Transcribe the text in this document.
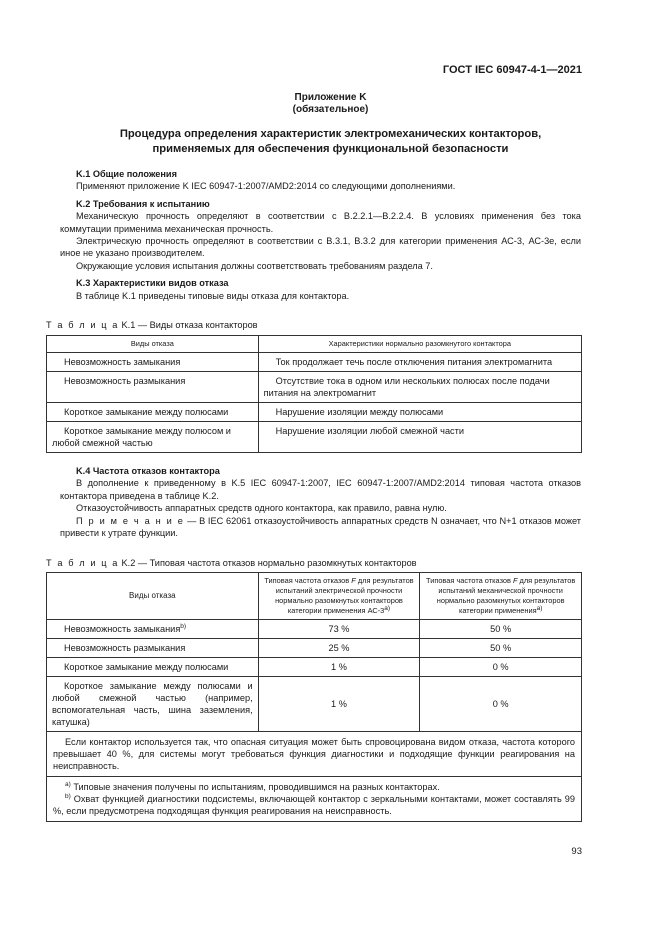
ГОСТ IEC 60947-4-1—2021
Приложение K
(обязательное)
Процедура определения характеристик электромеханических контакторов,
применяемых для обеспечения функциональной безопасности

K.1 Общие положения

Применяют приложение K IEC 60947-1:2007/AMD2:2014 со следующими дополнениями.

K.2 Требования к испытанию

Механическую прочность определяют в соответствии с B.2.2.1—B.2.2.4. В условиях применения без тока коммутации применима механическая прочность.

Электрическую прочность определяют в соответствии с B.3.1, B.3.2 для категории применения АС-3, АС-3е, если иное не указано производителем.

Окружающие условия испытания должны соответствовать требованиям раздела 7.

K.3 Характеристики видов отказа

В таблице K.1 приведены типовые виды отказа для контактора.

Т а б л и ц а K.1 — Виды отказа контакторов

Виды отказа	Характеристики нормально разомкнутого контактора
Невозможность замыкания	Ток продолжает течь после отключения питания электромагнита
Невозможность размыкания	Отсутствие тока в одном или нескольких полюсах после подачи питания на электромагнит
Короткое замыкание между полюсами	Нарушение изоляции между полюсами
Короткое замыкание между полюсом и любой смежной частью	Нарушение изоляции любой смежной части

K.4 Частота отказов контактора

В дополнение к приведенному в K.5 IEC 60947-1:2007, IEC 60947-1:2007/AMD2:2014 типовая частота отказов контактора приведена в таблице K.2.

Отказоустойчивость аппаратных средств одного контактора, как правило, равна нулю.

П р и м е ч а н и е — В IEC 62061 отказоустойчивость аппаратных средств N означает, что N+1 отказов может привести к утрате функции.

Т а б л и ц а K.2 — Типовая частота отказов нормально разомкнутых контакторов

Виды отказа	Типовая частота отказов F для результатов испытаний электрической прочности нормально разомкнутых контакторов категории применения АС-3$^{a)}$	Типовая частота отказов F для результатов испытаний механической прочности нормально разомкнутых контакторов категории применения$^{a)}$
Невозможность замыкания$^{b)}$	73 %	50 %
Невозможность размыкания	25 %	50 %
Короткое замыкание между полюсами	1 %	0 %
Короткое замыкание между полюсами и любой смежной частью (например, вспомогательная часть, шина заземления, катушка)	1 %	0 %
Если контактор используется так, что опасная ситуация может быть спровоцирована видом отказа, частота которого превышает 40 %, для системы могут требоваться функция диагностики и подходящие функции реагирования на неисправность.		

$^{a)}$ Типовые значения получены по испытаниям, проводившимся на разных контакторах.
$^{b)}$ Охват функцией диагностики подсистемы, включающей контактор с зеркальными контактами, может составлять 99 %, если предусмотрена подходящая функция реагирования на неисправность.		
93
